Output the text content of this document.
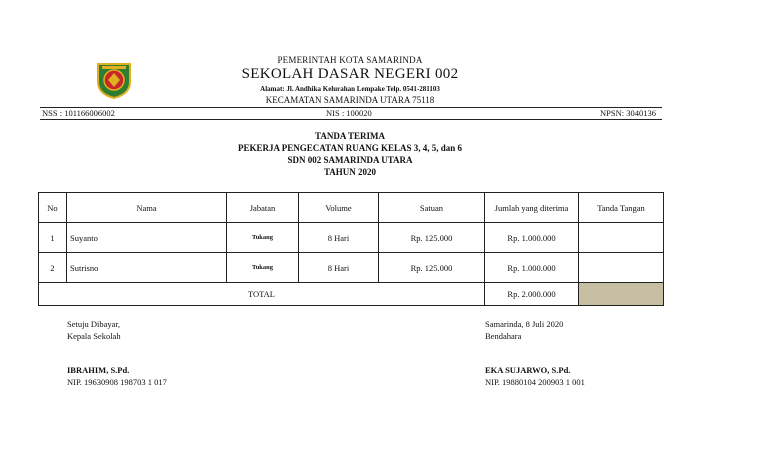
PEMERINTAH KOTA SAMARINDA
SEKOLAH DASAR NEGERI 002
Alamat: Jl. Andhika Kelurahan Lempake Telp. 0541-281103
KECAMATAN SAMARINDA UTARA 75118
NSS : 101166006002	NIS : 100020	NPSN: 3040136
TANDA TERIMA
PEKERJA PENGECATAN RUANG KELAS 3, 4, 5, dan 6
SDN 002 SAMARINDA UTARA
TAHUN 2020
No	Nama	Jabatan	Volume	Satuan	Jumlah yang diterima	Tanda Tangan
1	Suyanto	Tukang	8 Hari	Rp. 125.000	Rp. 1.000.000	
2	Sutrisno	Tukang	8 Hari	Rp. 125.000	Rp. 1.000.000	
TOTAL					Rp. 2.000.000	
Setuju Dibayar,
Kepala Sekolah
IBRAHIM, S.Pd.
NIP. 19630908 198703 1 017
Samarinda, 8 Juli 2020
Bendahara
EKA SUJARWO, S.Pd.
NIP. 19880104 200903 1 001
